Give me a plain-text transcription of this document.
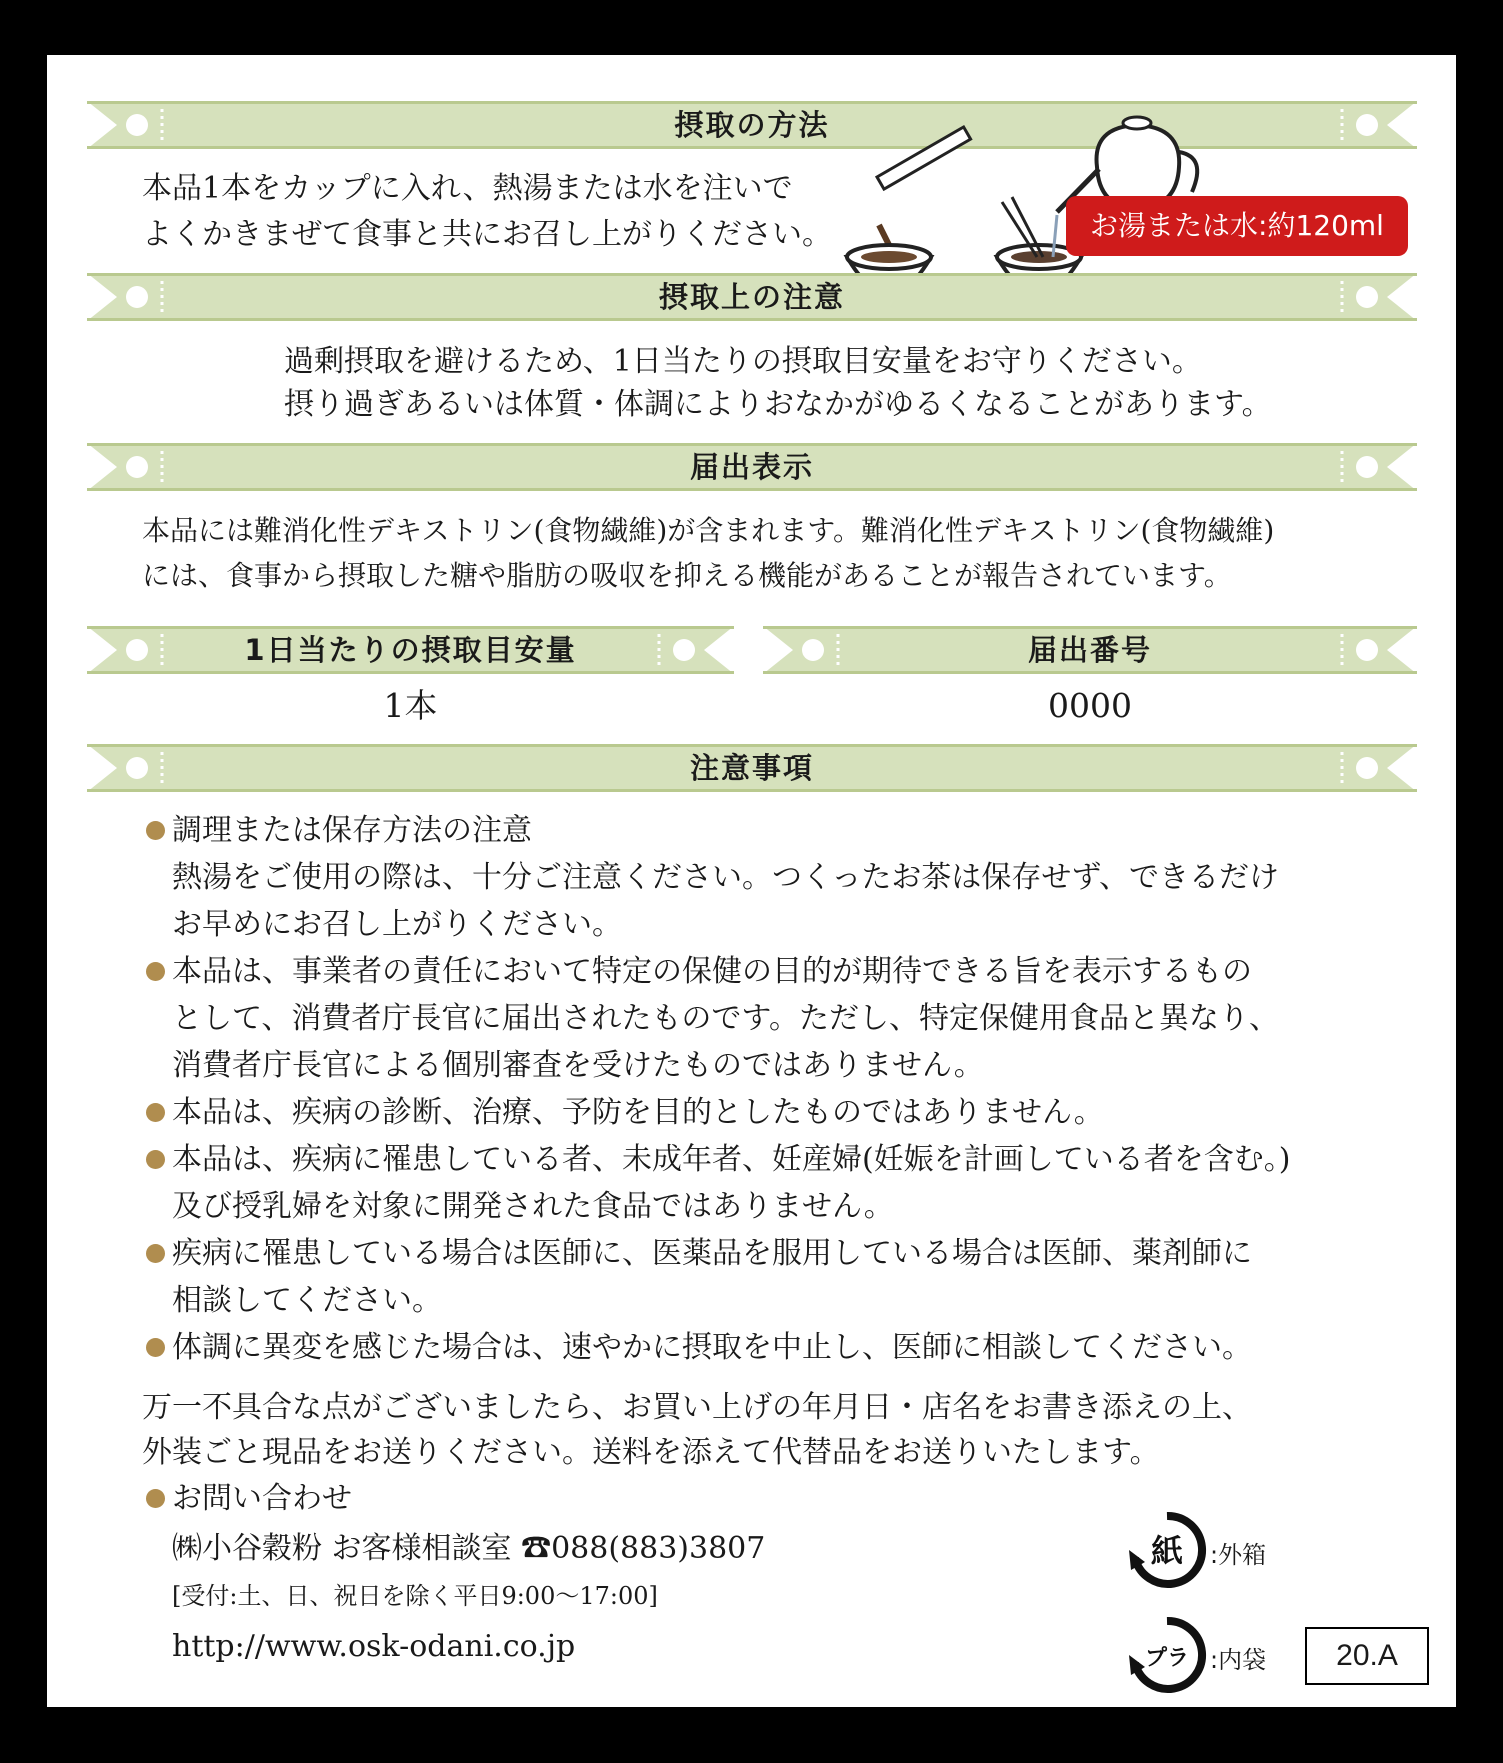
摂取の方法
本品1本をカップに入れ、熱湯または水を注いで
よくかきまぜて食事と共にお召し上がりください。	お湯または水:約120ml
摂取上の注意
過剰摂取を避けるため、1日当たりの摂取目安量をお守りください。
摂り過ぎあるいは体質・体調によりおなかがゆるくなることがあります。
届出表示
本品には難消化性デキストリン(食物繊維)が含まれます。難消化性デキストリン(食物繊維)
には、食事から摂取した糖や脂肪の吸収を抑える機能があることが報告されています。
1日当たりの摂取目安量	届出番号
1本	0000
注意事項
調理または保存方法の注意
熱湯をご使用の際は、十分ご注意ください。つくったお茶は保存せず、できるだけ
お早めにお召し上がりください。
本品は、事業者の責任において特定の保健の目的が期待できる旨を表示するもの
として、消費者庁長官に届出されたものです。ただし、特定保健用食品と異なり、
消費者庁長官による個別審査を受けたものではありません。
本品は、疾病の診断、治療、予防を目的としたものではありません。
本品は、疾病に罹患している者、未成年者、妊産婦(妊娠を計画している者を含む。)
及び授乳婦を対象に開発された食品ではありません。
疾病に罹患している場合は医師に、医薬品を服用している場合は医師、薬剤師に
相談してください。
体調に異変を感じた場合は、速やかに摂取を中止し、医師に相談してください。
万一不具合な点がございましたら、お買い上げの年月日・店名をお書き添えの上、
外装ごと現品をお送りください。送料を添えて代替品をお送りいたします。
お問い合わせ
㈱小谷穀粉 お客様相談室 ☎088(883)3807
[受付:土、日、祝日を除く平日9:00〜17:00]
http://www.osk-odani.co.jp
紙 :外箱
プラ :内袋	20.A
